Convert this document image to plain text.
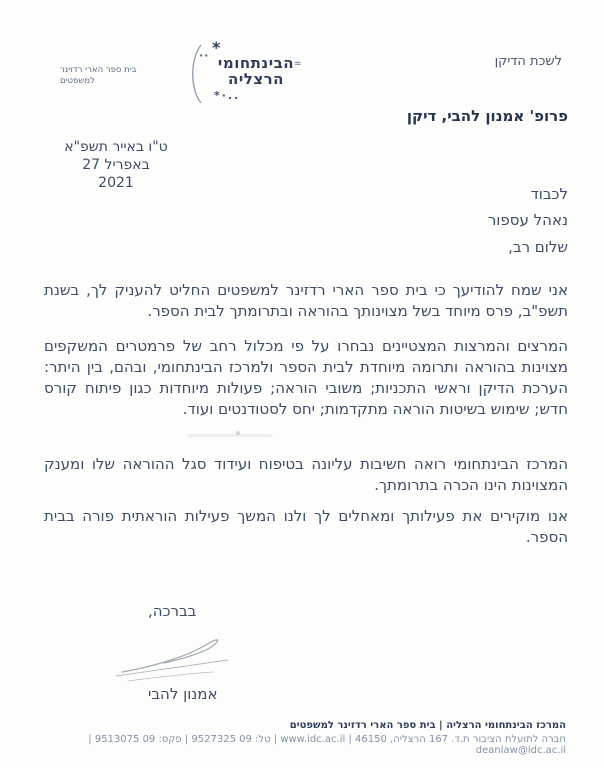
לשכת הדיקן
בית ספר הארי רדזינר
למשפטים
*
··
=
הבינתחומי
הרצליה
*·..
פרופ' אמנון להבי, דיקן
ט"ו באייר תשפ"א
27 באפריל 2021
לכבוד
נאהל עספור
שלום רב,
אני שמח להודיעך כי בית ספר הארי רדזינר למשפטים החליט להעניק לך, בשנת תשפ"ב, פרס מיוחד בשל מצוינותך בהוראה ובתרומתך לבית הספר.
המרצים והמרצות המצטיינים נבחרו על פי מכלול רחב של פרמטרים המשקפים מצוינות בהוראה ותרומה מיוחדת לבית הספר ולמרכז הבינתחומי, ובהם, בין היתר: הערכת הדיקן וראשי התכניות; משובי הוראה; פעולות מיוחדות כגון פיתוח קורס חדש; שימוש בשיטות הוראה מתקדמות; יחס לסטודנטים ועוד.
המרכז הבינתחומי רואה חשיבות עליונה בטיפוח ועידוד סגל ההוראה שלו ומענק המצוינות הינו הכרה בתרומתך.
אנו מוקירים את פעילותך ומאחלים לך ולנו המשך פעילות הוראתית פורה בבית הספר.
בברכה,
אמנון להבי
המרכז הבינתחומי הרצליה | בית ספר הארי רדזינר למשפטים
חברה לתועלת הציבור ת.ד. 167 הרצליה, 46150 ‏| www.idc.ac.il ‏| טל: 09 9527325 ‏| פקס: 09 9513075 ‏| deanlaw@idc.ac.il
